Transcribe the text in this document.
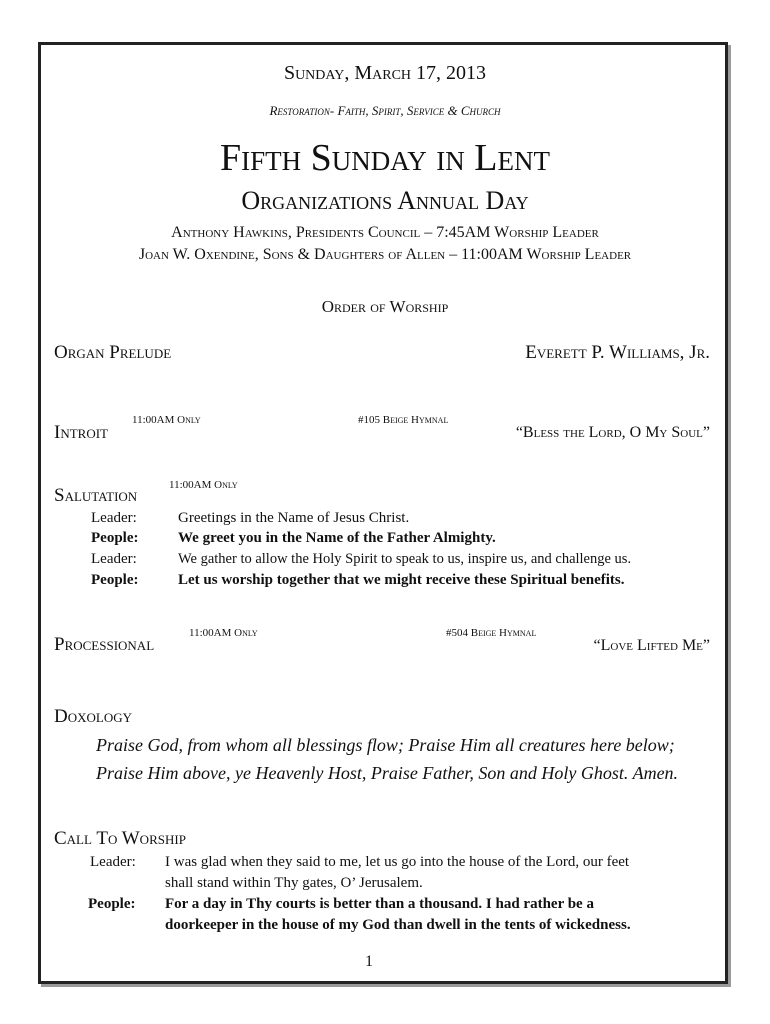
Sunday, March 17, 2013
Restoration- Faith, Spirit, Service & Church
Fifth Sunday in Lent
Organizations Annual Day
Anthony Hawkins, Presidents Council – 7:45AM Worship Leader
Joan W. Oxendine, Sons & Daughters of Allen – 11:00AM Worship Leader
Order of Worship
Organ Prelude	Everett P. Williams, Jr.
Introit
11:00AM Only	#105 Beige Hymnal
“Bless the Lord, O My Soul”
Salutation	11:00AM Only
Leader:	Greetings in the Name of Jesus Christ.
People:	We greet you in the Name of the Father Almighty.
Leader:	We gather to allow the Holy Spirit to speak to us, inspire us, and challenge us.
People:	Let us worship together that we might receive these Spiritual benefits.
Processional
11:00AM Only	#504 Beige Hymnal
“Love Lifted Me”
Doxology
Praise God, from whom all blessings flow; Praise Him all creatures here below;
Praise Him above, ye Heavenly Host, Praise Father, Son and Holy Ghost. Amen.
Call To Worship
Leader: I was glad when they said to me, let us go into the house of the Lord, our feet
shall stand within Thy gates, O’ Jerusalem.
People: For a day in Thy courts is better than a thousand. I had rather be a
doorkeeper in the house of my God than dwell in the tents of wickedness.
1
